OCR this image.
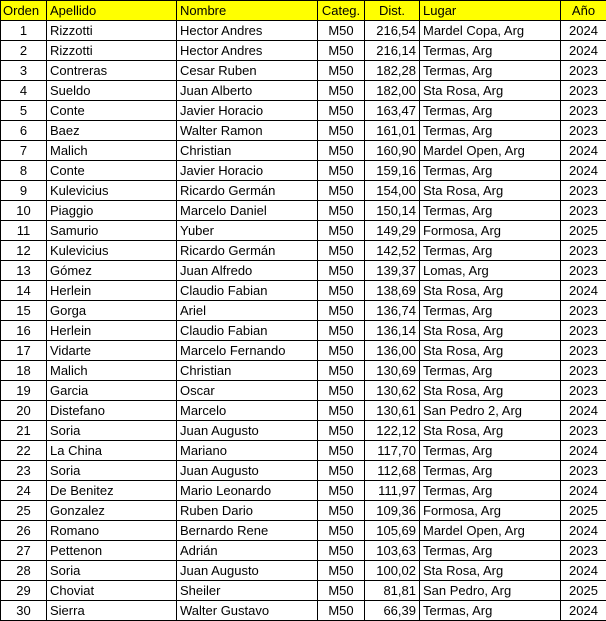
Orden	Apellido	Nombre	Categ.	Dist.	Lugar	Año
1	Rizzotti	Hector Andres	M50	216,54	Mardel Copa, Arg	2024
2	Rizzotti	Hector Andres	M50	216,14	Termas, Arg	2024
3	Contreras	Cesar Ruben	M50	182,28	Termas, Arg	2023
4	Sueldo	Juan Alberto	M50	182,00	Sta Rosa, Arg	2023
5	Conte	Javier Horacio	M50	163,47	Termas, Arg	2023
6	Baez	Walter Ramon	M50	161,01	Termas, Arg	2023
7	Malich	Christian	M50	160,90	Mardel Open, Arg	2024
8	Conte	Javier Horacio	M50	159,16	Termas, Arg	2024
9	Kulevicius	Ricardo Germán	M50	154,00	Sta Rosa, Arg	2023
10	Piaggio	Marcelo Daniel	M50	150,14	Termas, Arg	2023
11	Samurio	Yuber	M50	149,29	Formosa, Arg	2025
12	Kulevicius	Ricardo Germán	M50	142,52	Termas, Arg	2023
13	Gómez	Juan Alfredo	M50	139,37	Lomas, Arg	2023
14	Herlein	Claudio Fabian	M50	138,69	Sta Rosa, Arg	2024
15	Gorga	Ariel	M50	136,74	Termas, Arg	2023
16	Herlein	Claudio Fabian	M50	136,14	Sta Rosa, Arg	2023
17	Vidarte	Marcelo Fernando	M50	136,00	Sta Rosa, Arg	2023
18	Malich	Christian	M50	130,69	Termas, Arg	2023
19	Garcia	Oscar	M50	130,62	Sta Rosa, Arg	2023
20	Distefano	Marcelo	M50	130,61	San Pedro 2, Arg	2024
21	Soria	Juan Augusto	M50	122,12	Sta Rosa, Arg	2023
22	La China	Mariano	M50	117,70	Termas, Arg	2024
23	Soria	Juan Augusto	M50	112,68	Termas, Arg	2023
24	De Benitez	Mario Leonardo	M50	111,97	Termas, Arg	2024
25	Gonzalez	Ruben Dario	M50	109,36	Formosa, Arg	2025
26	Romano	Bernardo Rene	M50	105,69	Mardel Open, Arg	2024
27	Pettenon	Adrián	M50	103,63	Termas, Arg	2023
28	Soria	Juan Augusto	M50	100,02	Sta Rosa, Arg	2024
29	Choviat	Sheiler	M50	81,81	San Pedro, Arg	2025
30	Sierra	Walter Gustavo	M50	66,39	Termas, Arg	2024
